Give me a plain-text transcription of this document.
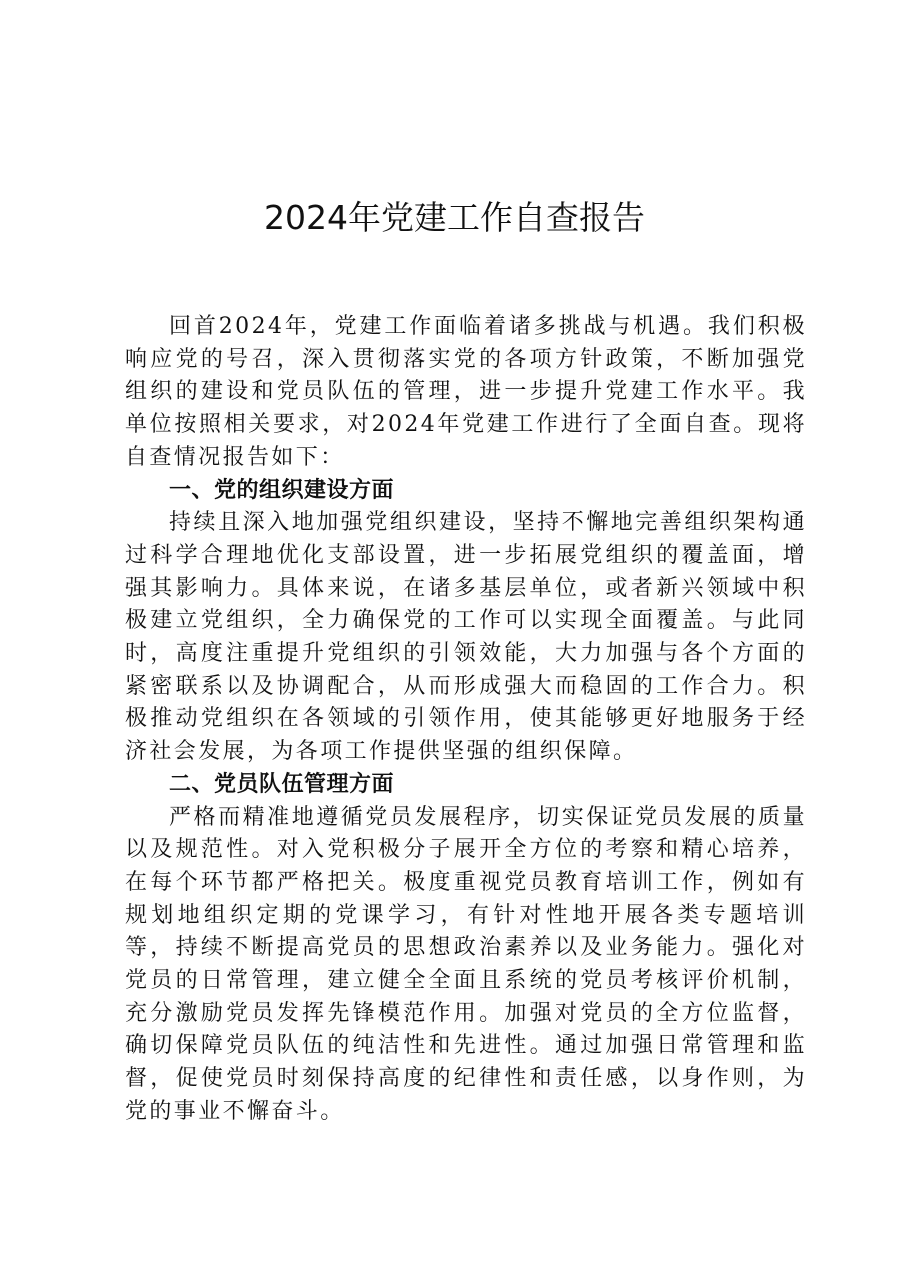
2024年党建工作自查报告

回首2024年，党建工作面临着诸多挑战与机遇。我们积极响应党的号召，深入贯彻落实党的各项方针政策，不断加强党组织的建设和党员队伍的管理，进一步提升党建工作水平。我单位按照相关要求，对2024年党建工作进行了全面自查。现将自查情况报告如下：

一、党的组织建设方面

持续且深入地加强党组织建设，坚持不懈地完善组织架构通过科学合理地优化支部设置，进一步拓展党组织的覆盖面，增强其影响力。具体来说，在诸多基层单位，或者新兴领域中积极建立党组织，全力确保党的工作可以实现全面覆盖。与此同时，高度注重提升党组织的引领效能，大力加强与各个方面的紧密联系以及协调配合，从而形成强大而稳固的工作合力。积极推动党组织在各领域的引领作用，使其能够更好地服务于经济社会发展，为各项工作提供坚强的组织保障。

二、党员队伍管理方面

严格而精准地遵循党员发展程序，切实保证党员发展的质量以及规范性。对入党积极分子展开全方位的考察和精心培养，在每个环节都严格把关。极度重视党员教育培训工作，例如有规划地组织定期的党课学习，有针对性地开展各类专题培训等，持续不断提高党员的思想政治素养以及业务能力。强化对党员的日常管理，建立健全全面且系统的党员考核评价机制，充分激励党员发挥先锋模范作用。加强对党员的全方位监督，确切保障党员队伍的纯洁性和先进性。通过加强日常管理和监督，促使党员时刻保持高度的纪律性和责任感，以身作则，为党的事业不懈奋斗。
